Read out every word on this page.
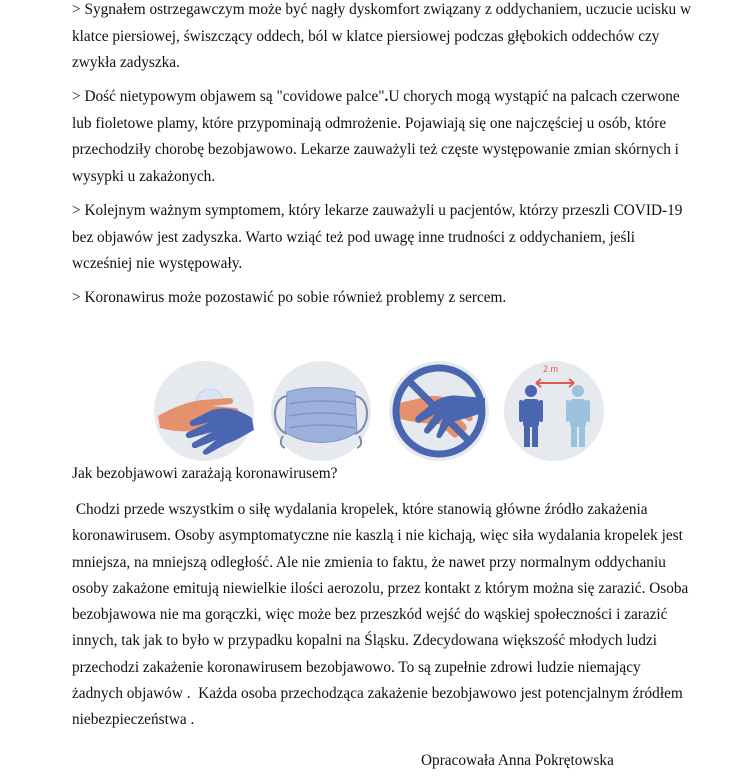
> Sygnałem ostrzegawczym może być nagły dyskomfort związany z oddychaniem, uczucie ucisku w klatce piersiowej, świszczący oddech, ból w klatce piersiowej podczas głębokich oddechów czy zwykła zadyszka.

> Dość nietypowym objawem są "covidowe palce".U chorych mogą wystąpić na palcach czerwone lub fioletowe plamy, które przypominają odmrożenie. Pojawiają się one najczęściej u osób, które przechodziły chorobę bezobjawowo. Lekarze zauważyli też częste występowanie zmian skórnych i wysypki u zakażonych.

> Kolejnym ważnym symptomem, który lekarze zauważyli u pacjentów, którzy przeszli COVID-19 bez objawów jest zadyszka. Warto wziąć też pod uwagę inne trudności z oddychaniem, jeśli wcześniej nie występowały.

> Koronawirus może pozostawić po sobie również problemy z sercem.

2 m

Jak bezobjawowi zarażają koronawirusem?

Chodzi przede wszystkim o siłę wydalania kropelek, które stanowią główne źródło zakażenia koronawirusem. Osoby asymptomatyczne nie kaszlą i nie kichają, więc siła wydalania kropelek jest mniejsza, na mniejszą odległość. Ale nie zmienia to faktu, że nawet przy normalnym oddychaniu osoby zakażone emitują niewielkie ilości aerozolu, przez kontakt z którym można się zarazić. Osoba bezobjawowa nie ma gorączki, więc może bez przeszkód wejść do wąskiej społeczności i zarazić innych, tak jak to było w przypadku kopalni na Śląsku. Zdecydowana większość młodych ludzi przechodzi zakażenie koronawirusem bezobjawowo. To są zupełnie zdrowi ludzie niemający żadnych objawów .  Każda osoba przechodząca zakażenie bezobjawowo jest potencjalnym źródłem niebezpieczeństwa .

Opracowała Anna Pokrętowska
